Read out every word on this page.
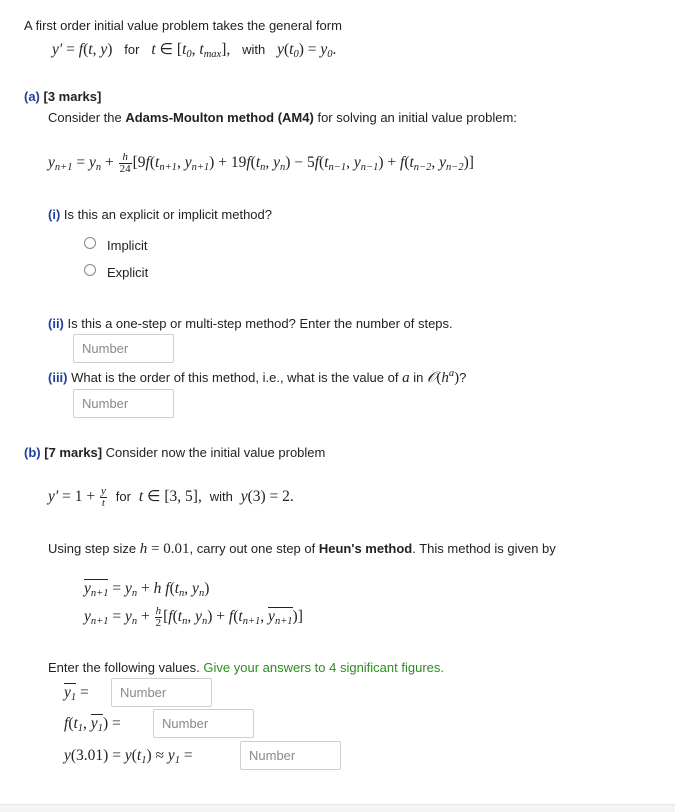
A first order initial value problem takes the general form
y′ = f(t, y) for t ∈ [$t_0$, $t_{max}$], with $y(t_0) = y_0$.
(a) [3 marks]
Consider the Adams-Moulton method (AM4) for solving an initial value problem:
$y_{n+1} = y_n + \frac{h}{24} [9f(t_{n+1}$, $y_{n+1}) + 19f(t_n$, $y_n) - 5f(t_{n-1}$, $y_{n-1}) + f(t_{n-2}$, $y_{n-2}$)]
(i) Is this an explicit or implicit method?
Implicit
Explicit
(ii) Is this a one-step or multi-step method? Enter the number of steps.
Number
(iii) What is the order of this method, i.e., what is the value of a in $𝒪(h^a)$?
Number
(b) [7 marks] Consider now the initial value problem
$y' = 1 + \frac{y}{t}$ for t ∈ [3, 5], with y(3) = 2.
Using step size h = 0.01, carry out one step of Heun's method. This method is given by
$y_{n+1} = y_n + h$ $f(t_n$, $y_n$)
$y_{n+1} = y_n + \frac{h}{2} [f(t_n$, $y_n) + f(t_{n+1}$, $y_{n+1}$)]
Enter the following values. Give your answers to 4 significant figures.
$y_1$ =
Number
$f(t_1$, $y_1$) =
Number
$y(3.01) = y(t_1) \approx y_1$ =
Number
